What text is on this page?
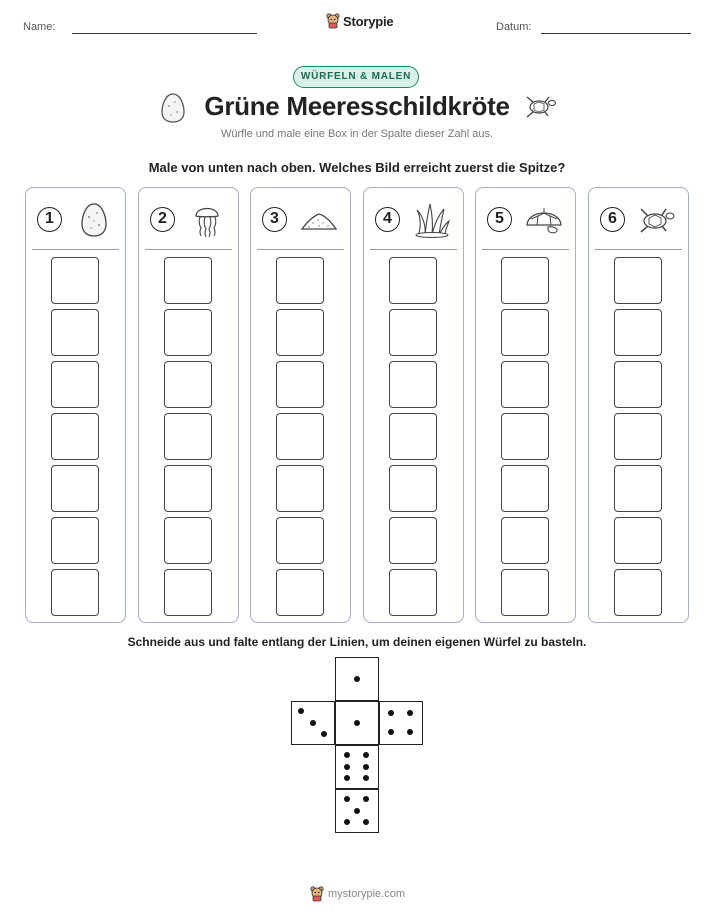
Name:	Storypie	Datum:
WÜRFELN & MALEN
Grüne Meeresschildkröte
Würfle und male eine Box in der Spalte dieser Zahl aus.
Male von unten nach oben. Welches Bild erreicht zuerst die Spitze?
1	2	3	4	5	6
Schneide aus und falte entlang der Linien, um deinen eigenen Würfel zu basteln.
mystorypie.com
